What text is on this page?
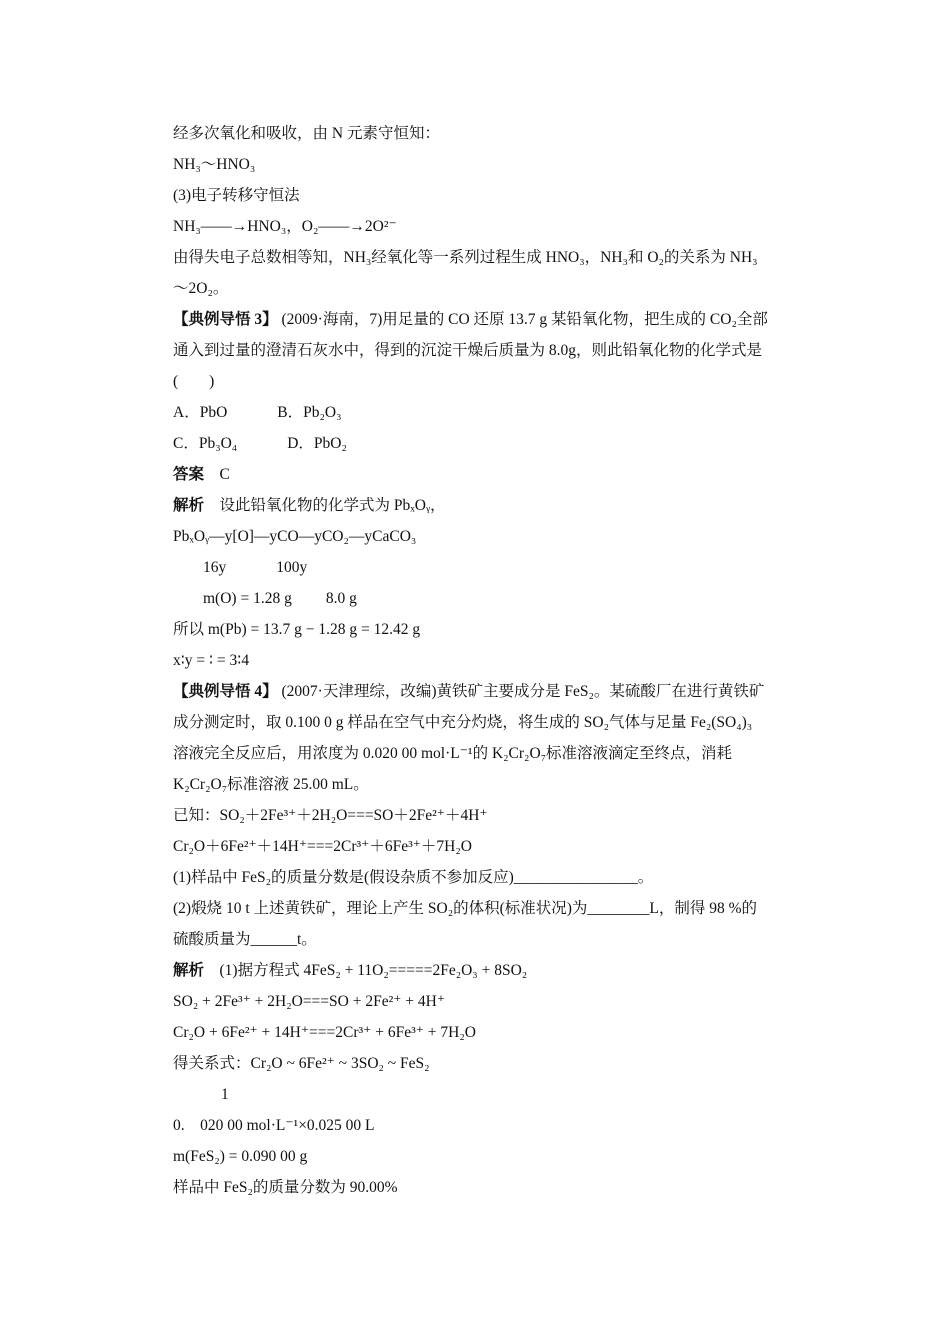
经多次氧化和吸收，由 N 元素守恒知：
NH₃～HNO₃
(3)电子转移守恒法
NH₃——→HNO₃，O₂——→2O²⁻
由得失电子总数相等知，NH₃经氧化等一系列过程生成 HNO₃，NH₃和 O₂的关系为 NH₃
～2O₂。
【典例导悟 3】 (2009·海南，7)用足量的 CO 还原 13.7 g 某铅氧化物，把生成的 CO₂全部
通入到过量的澄清石灰水中，得到的沉淀干燥后质量为 8.0g，则此铅氧化物的化学式是
(　　)
A．PbO	B．Pb₂O₃
C．Pb₃O₄	D．PbO₂
答案　C
解析　设此铅氧化物的化学式为 PbₓOᵧ，
PbₓOᵧ—y[O]—yCO—yCO₂—yCaCO₃
16y	100y
m(O) = 1.28 g 8.0 g
所以 m(Pb) = 13.7 g − 1.28 g = 12.42 g
x∶y = ∶ = 3∶4
【典例导悟 4】 (2007·天津理综，改编)黄铁矿主要成分是 FeS₂。某硫酸厂在进行黄铁矿
成分测定时，取 0.100 0 g 样品在空气中充分灼烧，将生成的 SO₂气体与足量 Fe₂(SO₄)₃
溶液完全反应后，用浓度为 0.020 00 mol·L⁻¹的 K₂Cr₂O₇标准溶液滴定至终点，消耗
K₂Cr₂O₇标准溶液 25.00 mL。
已知：SO₂＋2Fe³⁺＋2H₂O===SO＋2Fe²⁺＋4H⁺
Cr₂O＋6Fe²⁺＋14H⁺===2Cr³⁺＋6Fe³⁺＋7H₂O
(1)样品中 FeS₂的质量分数是(假设杂质不参加反应)________________。
(2)煅烧 10 t 上述黄铁矿，理论上产生 SO₂的体积(标准状况)为________L，制得 98 %的
硫酸质量为______t。
解析　(1)据方程式 4FeS₂ + 11O₂=====2Fe₂O₃ + 8SO₂
SO₂ + 2Fe³⁺ + 2H₂O===SO + 2Fe²⁺ + 4H⁺
Cr₂O + 6Fe²⁺ + 14H⁺===2Cr³⁺ + 6Fe³⁺ + 7H₂O
得关系式：Cr₂O ~ 6Fe²⁺ ~ 3SO₂ ~ FeS₂
1
0.　020 00 mol·L⁻¹×0.025 00 L
m(FeS₂) = 0.090 00 g
样品中 FeS₂的质量分数为 90.00%
